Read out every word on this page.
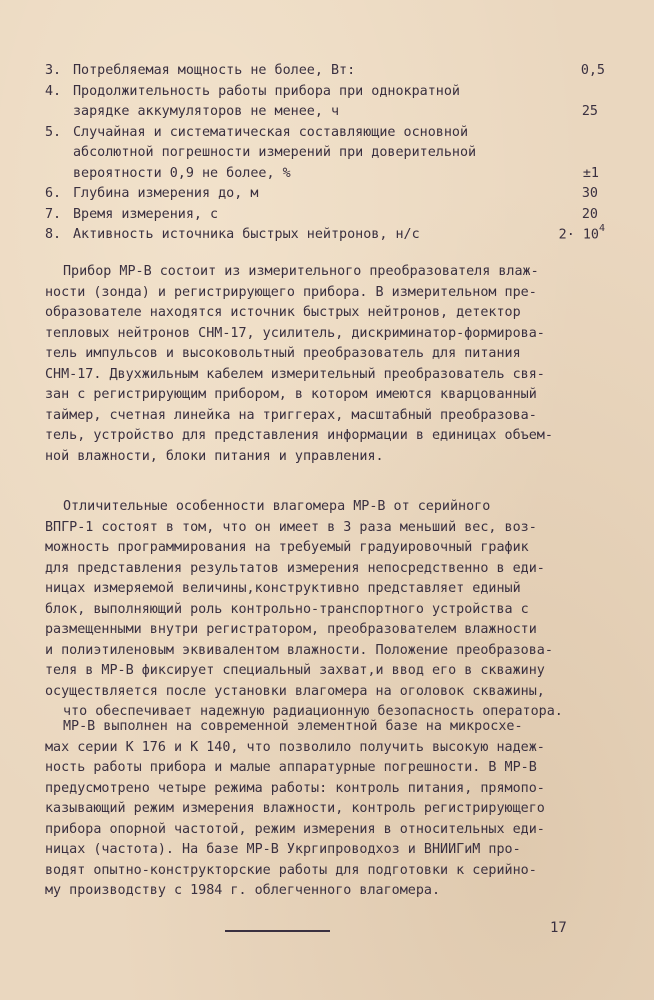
3. Потребляемая мощность не более, Вт:	0,5
4. Продолжительность работы прибора при однократной
зарядке аккумуляторов не менее, ч	25
5. Случайная и систематическая составляющие основной
абсолютной погрешности измерений при доверительной
вероятности 0,9 не более, %	±1
6. Глубина измерения до, м	30
7. Время измерения, с	20
8. Активность источника быстрых нейтронов, н/с	$2\cdot 10^4$
Прибор МР-В состоит из измерительного преобразователя влаж-
ности (зонда) и регистрирующего прибора. В измерительном пре-
образователе находятся источник быстрых нейтронов, детектор
тепловых нейтронов СНМ-17, усилитель, дискриминатор-формирова-
тель импульсов и высоковольтный преобразователь для питания
СНМ-17. Двухжильным кабелем измерительный преобразователь свя-
зан с регистрирующим прибором, в котором имеются кварцованный
таймер, счетная линейка на триггерах, масштабный преобразова-
тель, устройство для представления информации в единицах объем-
ной влажности, блоки питания и управления.
Отличительные особенности влагомера МР-В от серийного
ВПГР-1 состоят в том, что он имеет в 3 раза меньший вес, воз-
можность программирования на требуемый градуировочный график
для представления результатов измерения непосредственно в еди-
ницах измеряемой величины,конструктивно представляет единый
блок, выполняющий роль контрольно-транспортного устройства с
размещенными внутри регистратором, преобразователем влажности
и полиэтиленовым эквивалентом влажности. Положение преобразова-
теля в МР-В фиксирует специальный захват,и ввод его в скважину
осуществляется после установки влагомера на оголовок скважины,
что обеспечивает надежную радиационную безопасность оператора.
МР-В выполнен на современной элементной базе на микросхе-
мах серии К 176 и К 140, что позволило получить высокую надеж-
ность работы прибора и малые аппаратурные погрешности. В МР-В
предусмотрено четыре режима работы: контроль питания, прямопо-
казывающий режим измерения влажности, контроль регистрирующего
прибора опорной частотой, режим измерения в относительных еди-
ницах (частота). На базе МР-В Укргипроводхоз и ВНИИГиМ про-
водят опытно-конструкторские работы для подготовки к серийно-
му производству с 1984 г. облегченного влагомера.
17
